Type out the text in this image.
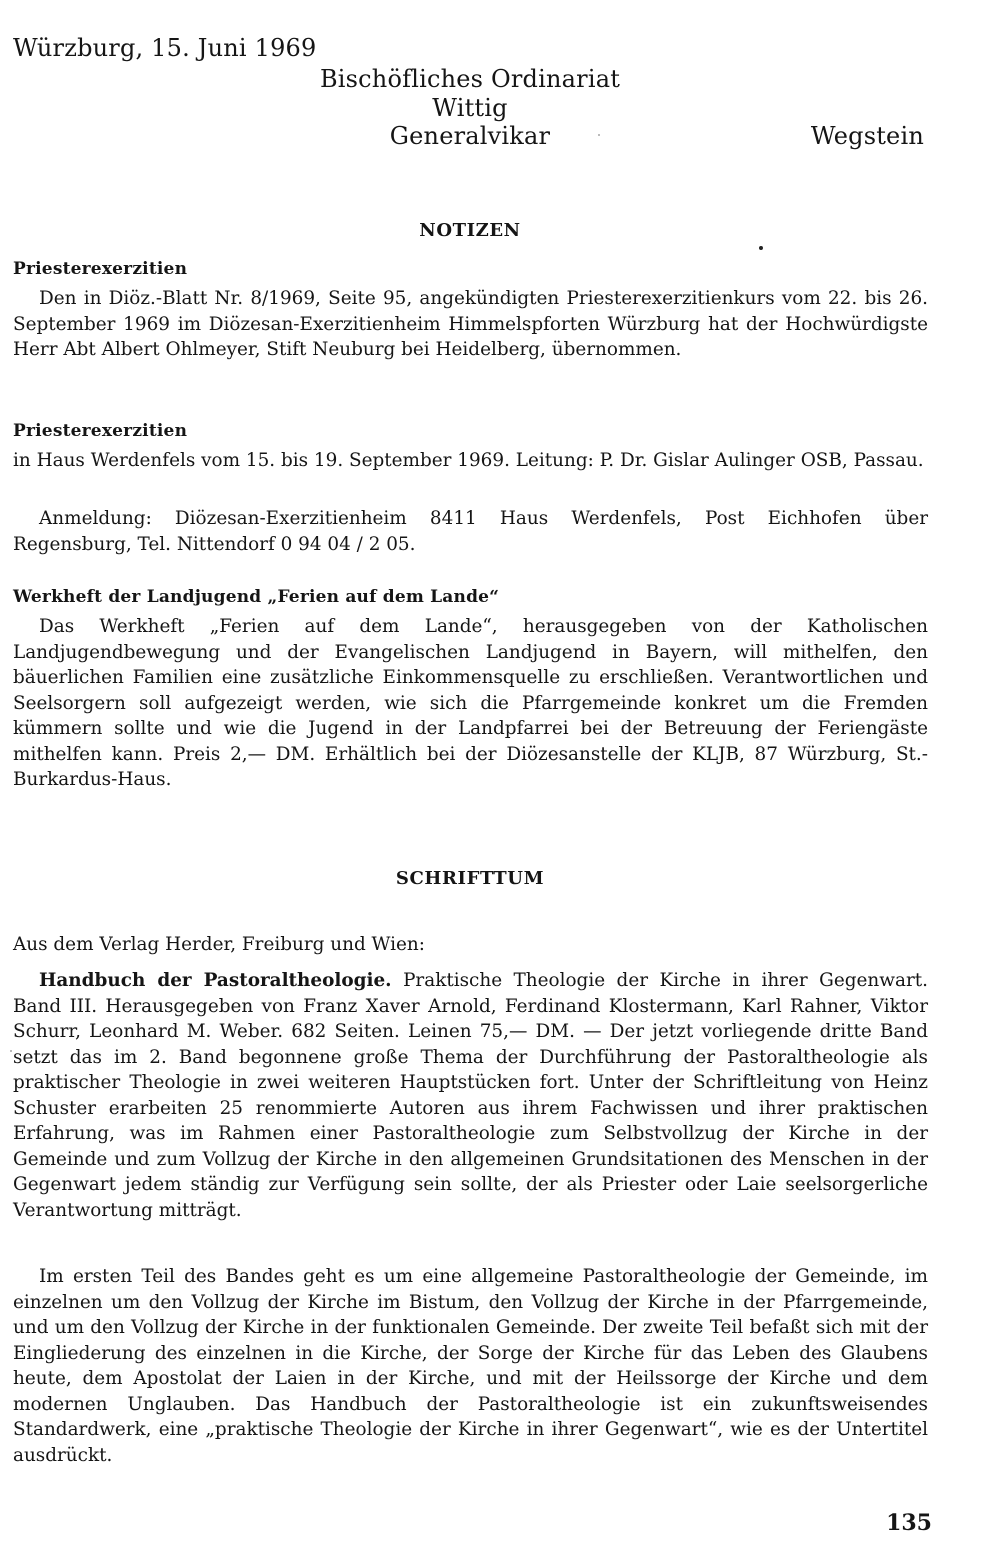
Würzburg, 15. Juni 1969
Bischöfliches Ordinariat
Wittig
Generalvikar	Wegstein
NOTIZEN
Priesterexerzitien

Den in Diöz.-Blatt Nr. 8/1969, Seite 95, angekündigten Priesterexerzitienkurs vom 22. bis 26. September 1969 im Diözesan-Exerzitienheim Himmelspforten Würzburg hat der Hochwürdigste Herr Abt Albert Ohlmeyer, Stift Neuburg bei Heidelberg, übernommen.

Priesterexerzitien

in Haus Werdenfels vom 15. bis 19. September 1969. Leitung: P. Dr. Gislar Aulinger OSB, Passau.

Anmeldung: Diözesan-Exerzitienheim 8411 Haus Werdenfels, Post Eichhofen über Regensburg, Tel. Nittendorf 0 94 04 / 2 05.

Werkheft der Landjugend „Ferien auf dem Lande“

Das Werkheft „Ferien auf dem Lande“, herausgegeben von der Katholischen Landjugendbewegung und der Evangelischen Landjugend in Bayern, will mithelfen, den bäuerlichen Familien eine zusätzliche Einkommensquelle zu erschließen. Verantwortlichen und Seelsorgern soll aufgezeigt werden, wie sich die Pfarrgemeinde konkret um die Fremden kümmern sollte und wie die Jugend in der Landpfarrei bei der Betreuung der Feriengäste mithelfen kann. Preis 2,— DM. Erhältlich bei der Diözesanstelle der KLJB, 87 Würzburg, St.-Burkardus-Haus.

SCHRIFTTUM

Aus dem Verlag Herder, Freiburg und Wien:

Handbuch der Pastoraltheologie. Praktische Theologie der Kirche in ihrer Gegenwart. Band III. Herausgegeben von Franz Xaver Arnold, Ferdinand Klostermann, Karl Rahner, Viktor Schurr, Leonhard M. Weber. 682 Seiten. Leinen 75,— DM. — Der jetzt vorliegende dritte Band setzt das im 2. Band begonnene große Thema der Durchführung der Pastoraltheologie als praktischer Theologie in zwei weiteren Hauptstücken fort. Unter der Schriftleitung von Heinz Schuster erarbeiten 25 renommierte Autoren aus ihrem Fachwissen und ihrer praktischen Erfahrung, was im Rahmen einer Pastoraltheologie zum Selbstvollzug der Kirche in der Gemeinde und zum Vollzug der Kirche in den allgemeinen Grundsitationen des Menschen in der Gegenwart jedem ständig zur Verfügung sein sollte, der als Priester oder Laie seelsorgerliche Verantwortung mitträgt.

Im ersten Teil des Bandes geht es um eine allgemeine Pastoraltheologie der Gemeinde, im einzelnen um den Vollzug der Kirche im Bistum, den Vollzug der Kirche in der Pfarrgemeinde, und um den Vollzug der Kirche in der funktionalen Gemeinde. Der zweite Teil befaßt sich mit der Eingliederung des einzelnen in die Kirche, der Sorge der Kirche für das Leben des Glaubens heute, dem Apostolat der Laien in der Kirche, und mit der Heilssorge der Kirche und dem modernen Unglauben. Das Handbuch der Pastoraltheologie ist ein zukunftsweisendes Standardwerk, eine „praktische Theologie der Kirche in ihrer Gegenwart“, wie es der Untertitel ausdrückt.

135
